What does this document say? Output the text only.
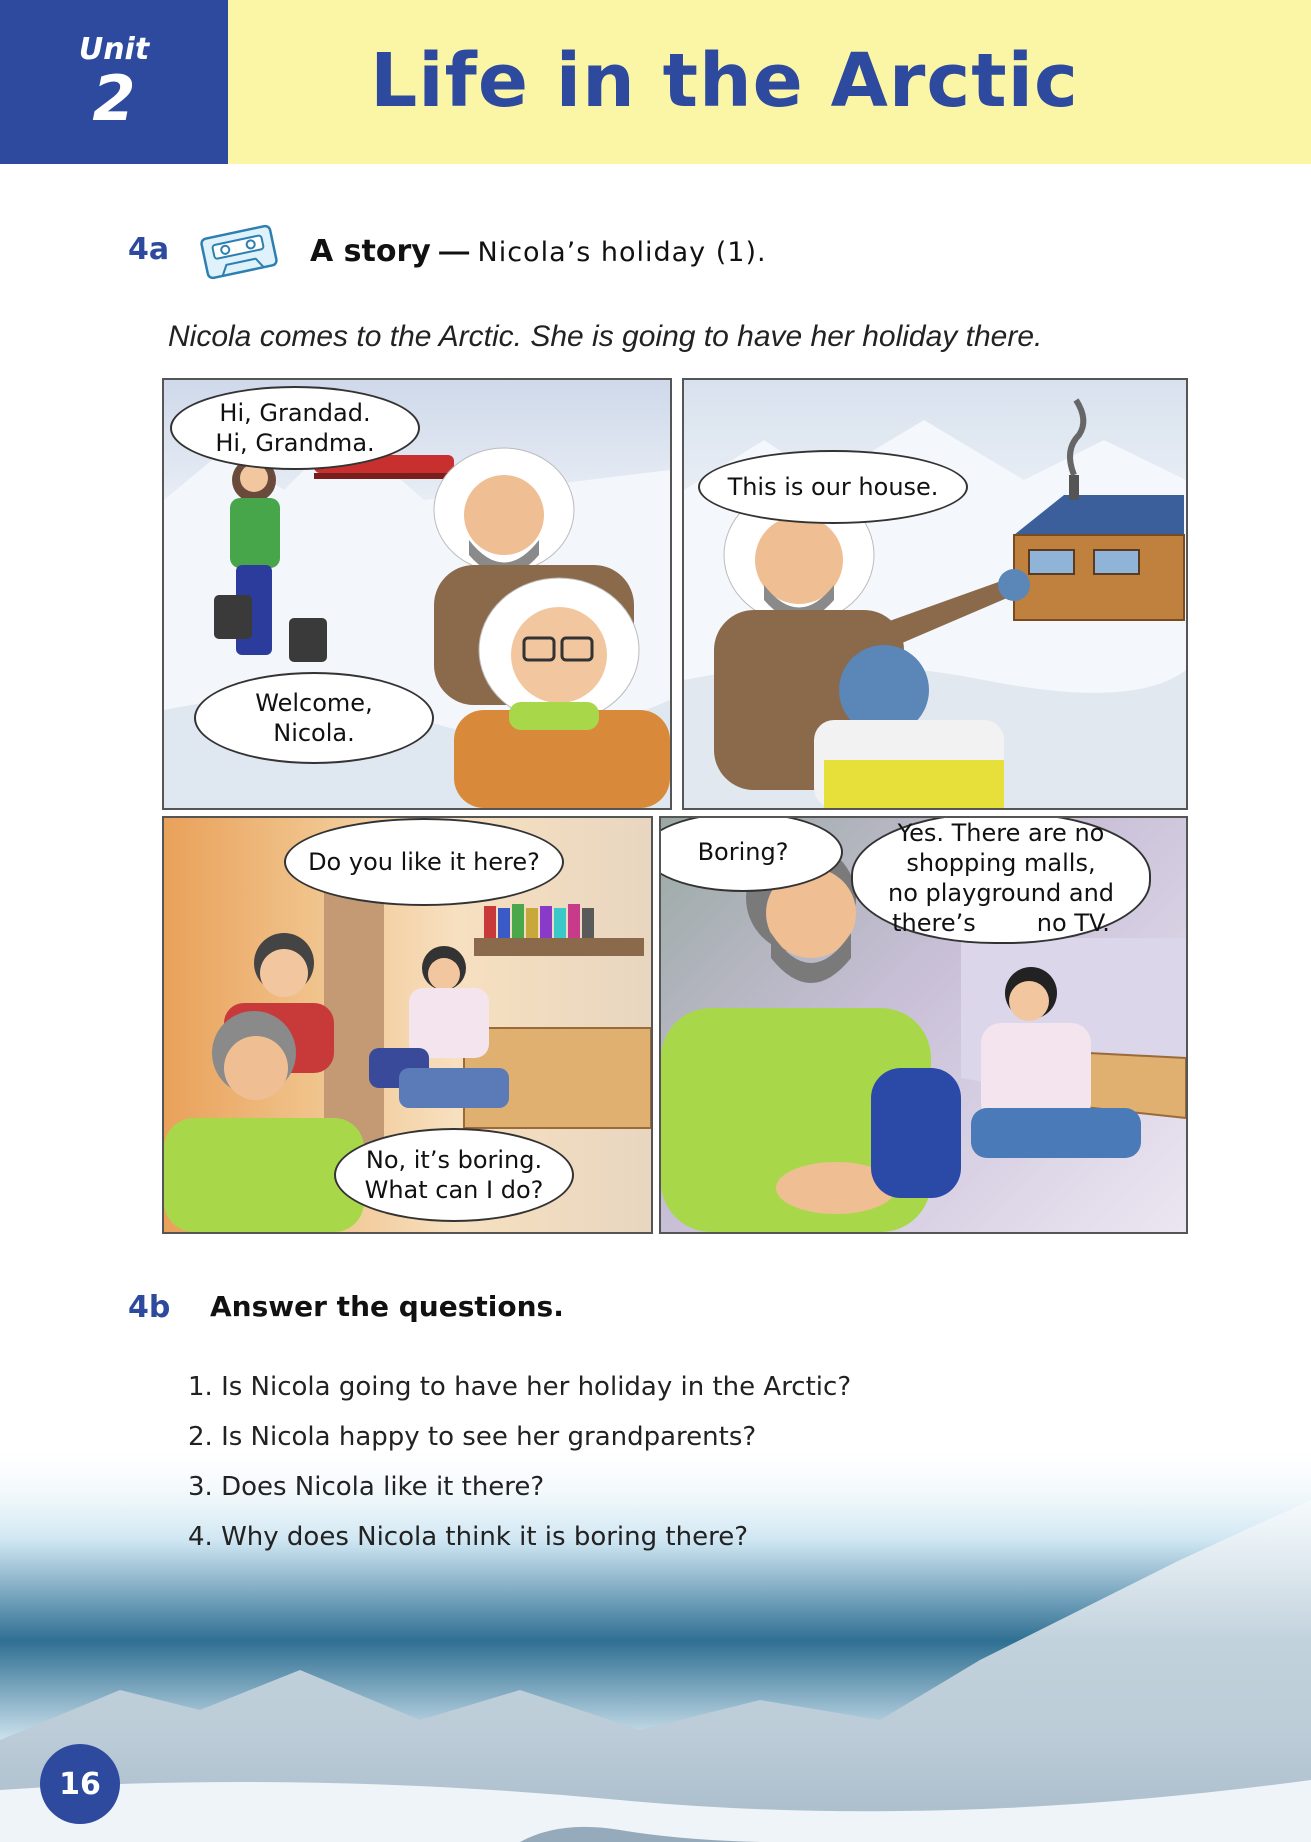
Unit
2	Life in the Arctic
4a	A story — Nicola’s holiday (1).
Nicola comes to the Arctic. She is going to have her holiday there.
Hi, Grandad.
Hi, Grandma.
Welcome,
Nicola.
This is our house.
Do you like it here?
No, it’s boring.
What can I do?
Boring?
Yes. There are no
shopping malls,
no playground and
there’s        no TV.
4b Answer the questions.
1. Is Nicola going to have her holiday in the Arctic?
2. Is Nicola happy to see her grandparents?
3. Does Nicola like it there?
4. Why does Nicola think it is boring there?
16
